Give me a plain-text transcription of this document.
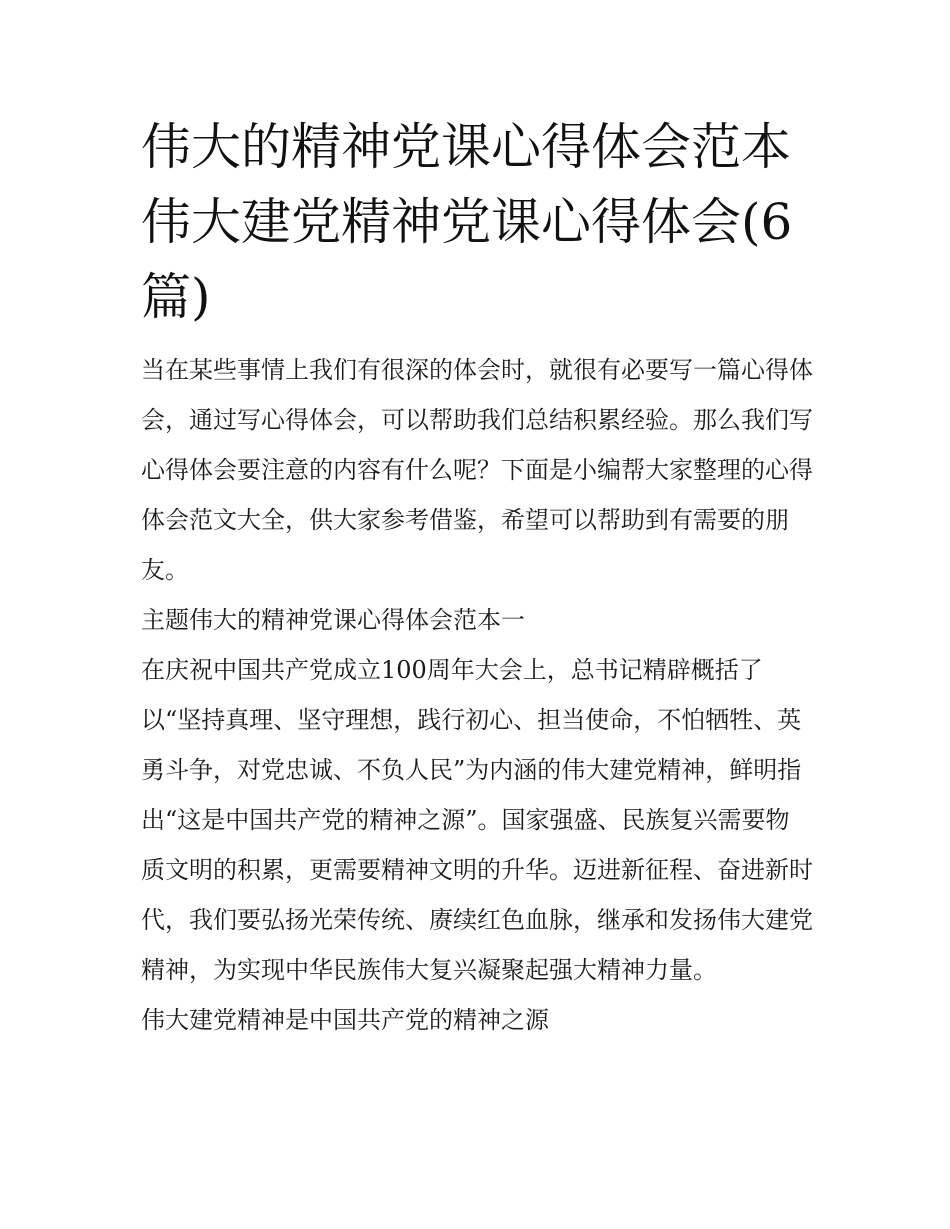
伟大的精神党课心得体会范本伟大建党精神党课心得体会(6篇)

当在某些事情上我们有很深的体会时，就很有必要写一篇心得体会，通过写心得体会，可以帮助我们总结积累经验。那么我们写心得体会要注意的内容有什么呢？下面是小编帮大家整理的心得体会范文大全，供大家参考借鉴，希望可以帮助到有需要的朋友。

主题伟大的精神党课心得体会范本一

在庆祝中国共产党成立100周年大会上，总书记精辟概括了以“坚持真理、坚守理想，践行初心、担当使命，不怕牺牲、英勇斗争，对党忠诚、不负人民”为内涵的伟大建党精神，鲜明指出“这是中国共产党的精神之源”。国家强盛、民族复兴需要物质文明的积累，更需要精神文明的升华。迈进新征程、奋进新时代，我们要弘扬光荣传统、赓续红色血脉，继承和发扬伟大建党精神，为实现中华民族伟大复兴凝聚起强大精神力量。

伟大建党精神是中国共产党的精神之源
